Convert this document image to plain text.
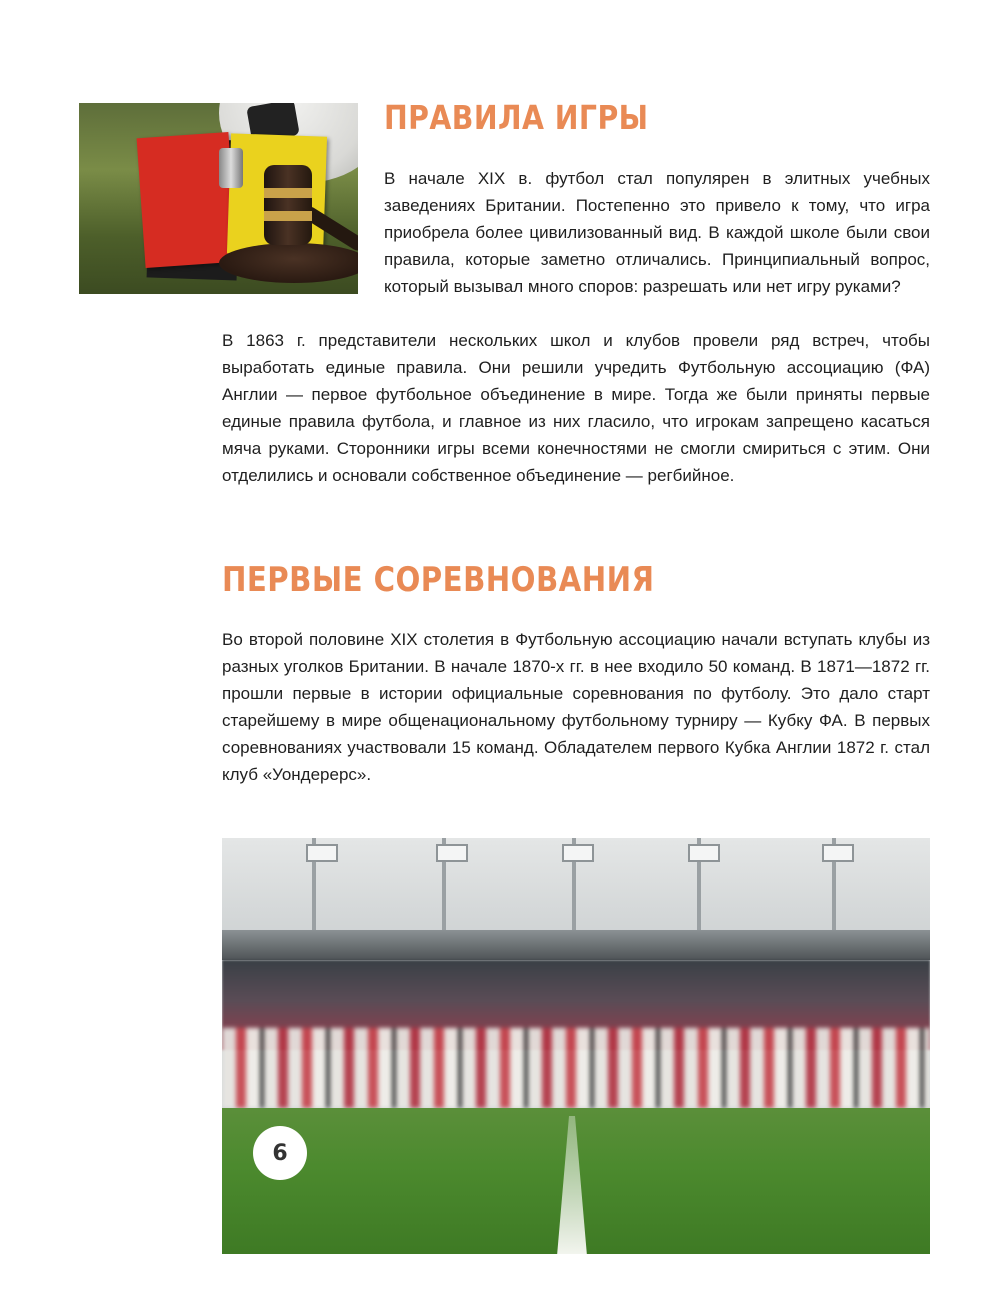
ПРАВИЛА ИГРЫ

В начале XIX в. футбол стал популярен в элитных учебных заведениях Британии. Постепенно это привело к тому, что игра приобрела более цивилизованный вид. В каждой школе были свои правила, которые заметно отличались. Принципиальный вопрос, который вызывал много споров: разрешать или нет игру руками?

В 1863 г. представители нескольких школ и клубов провели ряд встреч, чтобы выработать единые правила. Они решили учредить Футбольную ассоциацию (ФА) Англии — первое футбольное объединение в мире. Тогда же были приняты первые единые правила футбола, и главное из них гласило, что игрокам запрещено касаться мяча руками. Сторонники игры всеми конечностями не смогли смириться с этим. Они отделились и основали собственное объединение — регбийное.

ПЕРВЫЕ СОРЕВНОВАНИЯ

Во второй половине XIX столетия в Футбольную ассоциацию начали вступать клубы из разных уголков Британии. В начале 1870-х гг. в нее входило 50 команд. В 1871—1872 гг. прошли первые в истории официальные соревнования по футболу. Это дало старт старейшему в мире общенациональному футбольному турниру — Кубку ФА. В первых соревнованиях участвовали 15 команд. Обладателем первого Кубка Англии 1872 г. стал клуб «Уондерерс».

6
